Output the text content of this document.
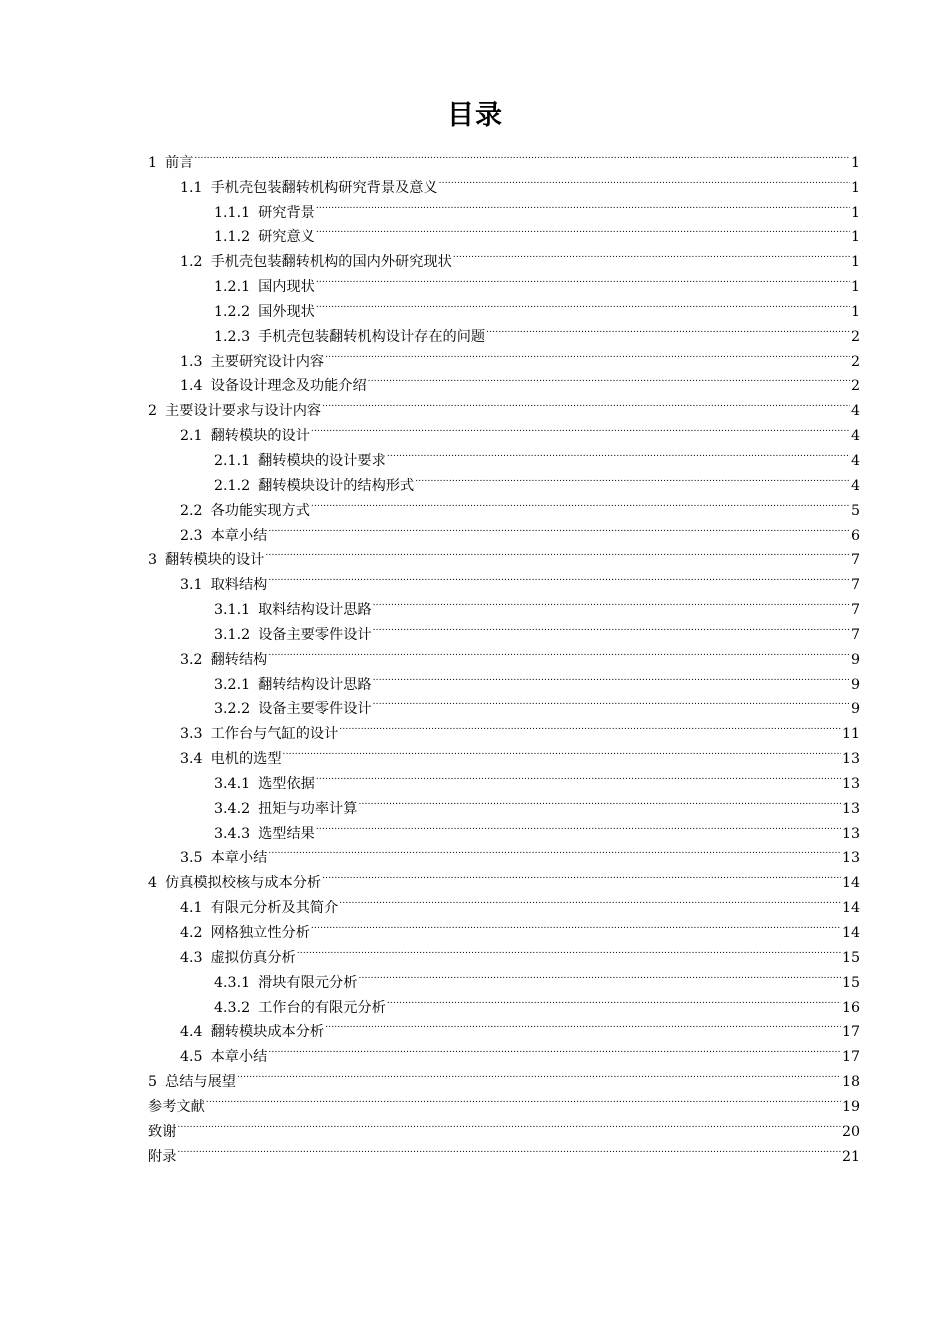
目录
1 前言 .....	1
1.1 手机壳包装翻转机构研究背景及意义 .....	1
1.1.1 研究背景 .....	1
1.1.2 研究意义 .....	1
1.2 手机壳包装翻转机构的国内外研究现状 .....	1
1.2.1 国内现状 .....	1
1.2.2 国外现状 .....	1
1.2.3 手机壳包装翻转机构设计存在的问题 .....	2
1.3 主要研究设计内容 .....	2
1.4 设备设计理念及功能介绍 .....	2
2 主要设计要求与设计内容 .....	4
2.1 翻转模块的设计 .....	4
2.1.1 翻转模块的设计要求 .....	4
2.1.2 翻转模块设计的结构形式 .....	4
2.2 各功能实现方式 .....	5
2.3 本章小结 .....	6
3 翻转模块的设计 .....	7
3.1 取料结构 .....	7
3.1.1 取料结构设计思路 .....	7
3.1.2 设备主要零件设计 .....	7
3.2 翻转结构 .....	9
3.2.1 翻转结构设计思路 .....	9
3.2.2 设备主要零件设计 .....	9
3.3 工作台与气缸的设计 .....	11
3.4 电机的选型 .....	13
3.4.1 选型依据 .....	13
3.4.2 扭矩与功率计算 .....	13
3.4.3 选型结果 .....	13
3.5 本章小结 .....	13
4 仿真模拟校核与成本分析 .....	14
4.1 有限元分析及其简介 .....	14
4.2 网格独立性分析 .....	14
4.3 虚拟仿真分析 .....	15
4.3.1 滑块有限元分析 .....	15
4.3.2 工作台的有限元分析 .....	16
4.4 翻转模块成本分析 .....	17
4.5 本章小结 .....	17
5 总结与展望 .....	18
参考文献 .....	19
致谢 .....	20
附录 .....	21
